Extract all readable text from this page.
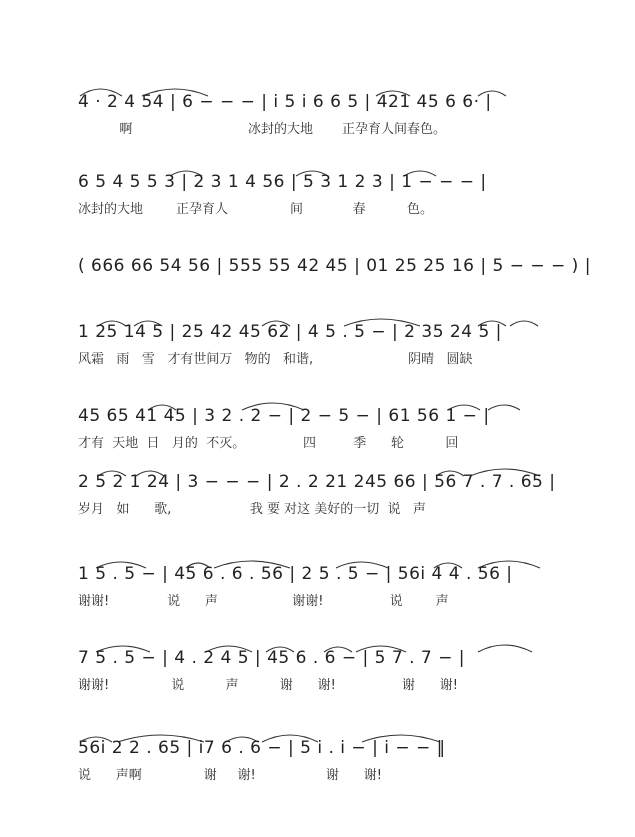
4 · 2 4 54 | 6 − − − | i 5 i 6 6 5 | 421 45 6 6· |
啊                            冰封的大地       正孕育人间春色。
6 5 4 5 5 3 | 2 3 1 4 56 | 5 3 1 2 3 | 1 − − − |
冰封的大地        正孕育人               间            春          色。
( 666 66 54 56 | 555 55 42 45 | 01 25 25 16 | 5 − − − ) |
1 25 14 5 | 25 42 45 62 | 4 5 . 5 − | 2 35 24 5 |
风霜   雨   雪   才有世间万   物的   和谐,                       阴晴   圆缺
45 65 41 45 | 3 2 . 2 − | 2 − 5 − | 61 56 1 − |
才有  天地  日   月的  不灭。              四         季      轮          回
2 5 2 1 24 | 3 − − − | 2 . 2 21 245 66 | 56 7 . 7 . 65 |
岁月   如      歌,                   我 要 对这 美好的一切  说   声
1 5 . 5 − | 45 6 . 6 . 56 | 2 5 . 5 − | 56i 4 4 . 56 |
谢谢!              说      声                  谢谢!                说        声
7 5 . 5 − | 4 . 2 4 5 | 45 6 . 6 − | 5 7 . 7 − |
谢谢!               说          声          谢      谢!                谢      谢!
56i 2 2 . 65 | i7 6 . 6 − | 5 i . i − | i − − ‖
说      声啊               谢     谢!                 谢      谢!
